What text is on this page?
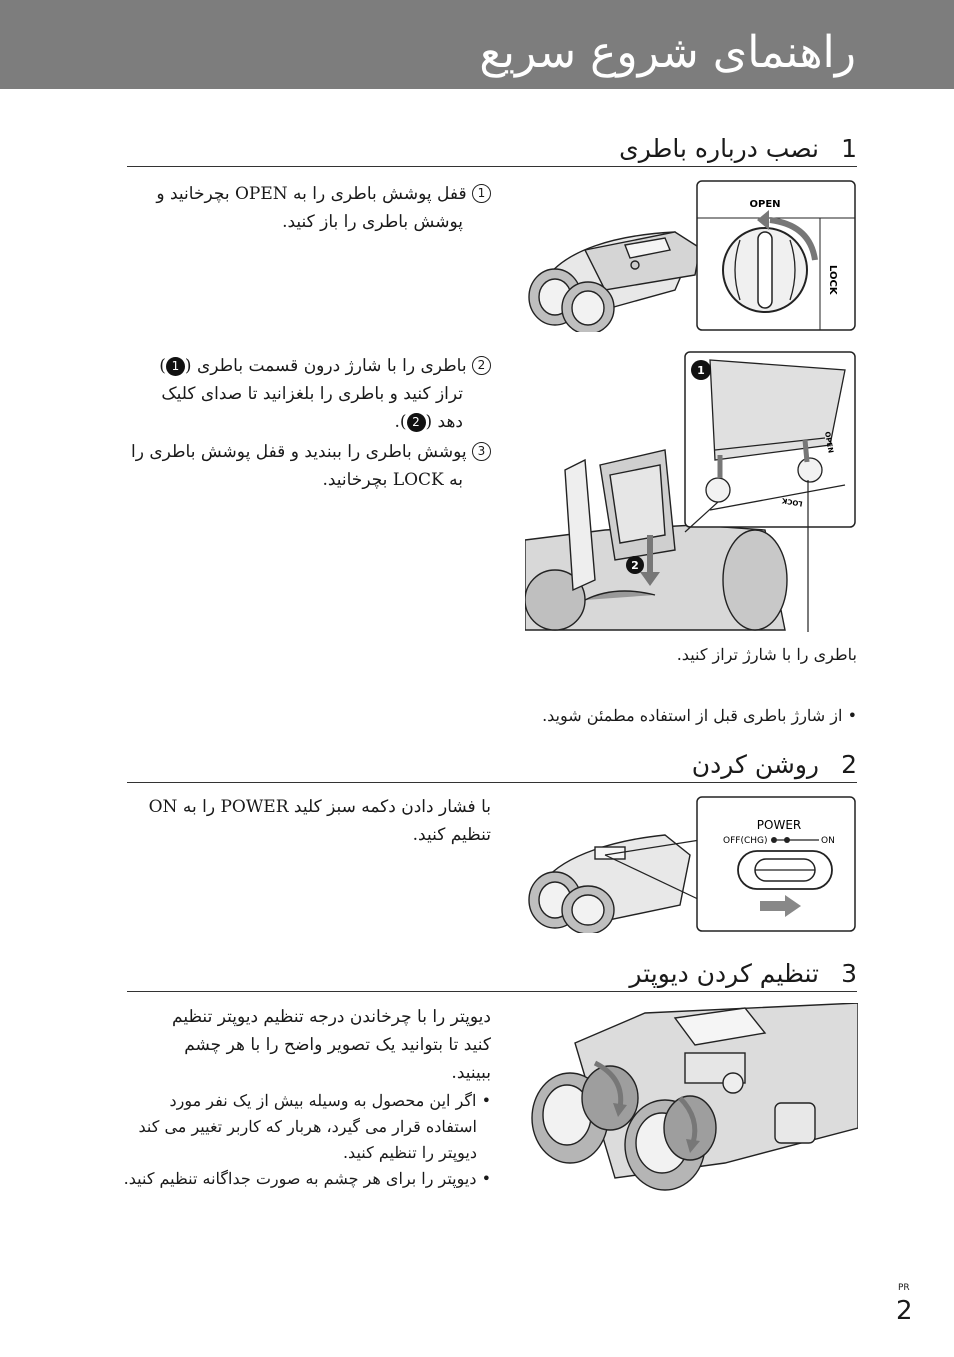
راهنمای شروع سریع
1
نصب درباره باطری
1 قفل پوشش باطری را به OPEN بچرخانید و
پوشش باطری را باز کنید.
OPEN
LOCK
2 باطری را با شارژ درون قسمت باطری (1)
تراز کنید و باطری را بلغزانید تا صدای کلیک
دهد (2).
3 پوشش باطری را ببندید و قفل پوشش باطری را
به LOCK بچرخانید.
2
1
OPEN
LOCK
باطری را با شارژ تراز کنید.
• از شارژ باطری قبل از استفاده مطمئن شوید.
2
روشن کردن
با فشار دادن دکمه سبز کلید POWER را به ON
تنظیم کنید.	POWER
OFF(CHG)	ON
3
تنظیم کردن دیوپتر
دیوپتر را با چرخاندن درجه تنظیم دیوپتر تنظیم
کنید تا بتوانید یک تصویر واضح را با هر چشم
ببینید.
• اگر این محصول به وسیله بیش از یک نفر مورد
استفاده قرار می گیرد، هربار که کاربر تغییر می کند
دیوپتر را تنظیم کنید.
• دیوپتر را برای هر چشم به صورت جداگانه تنظیم کنید.
PR
2
